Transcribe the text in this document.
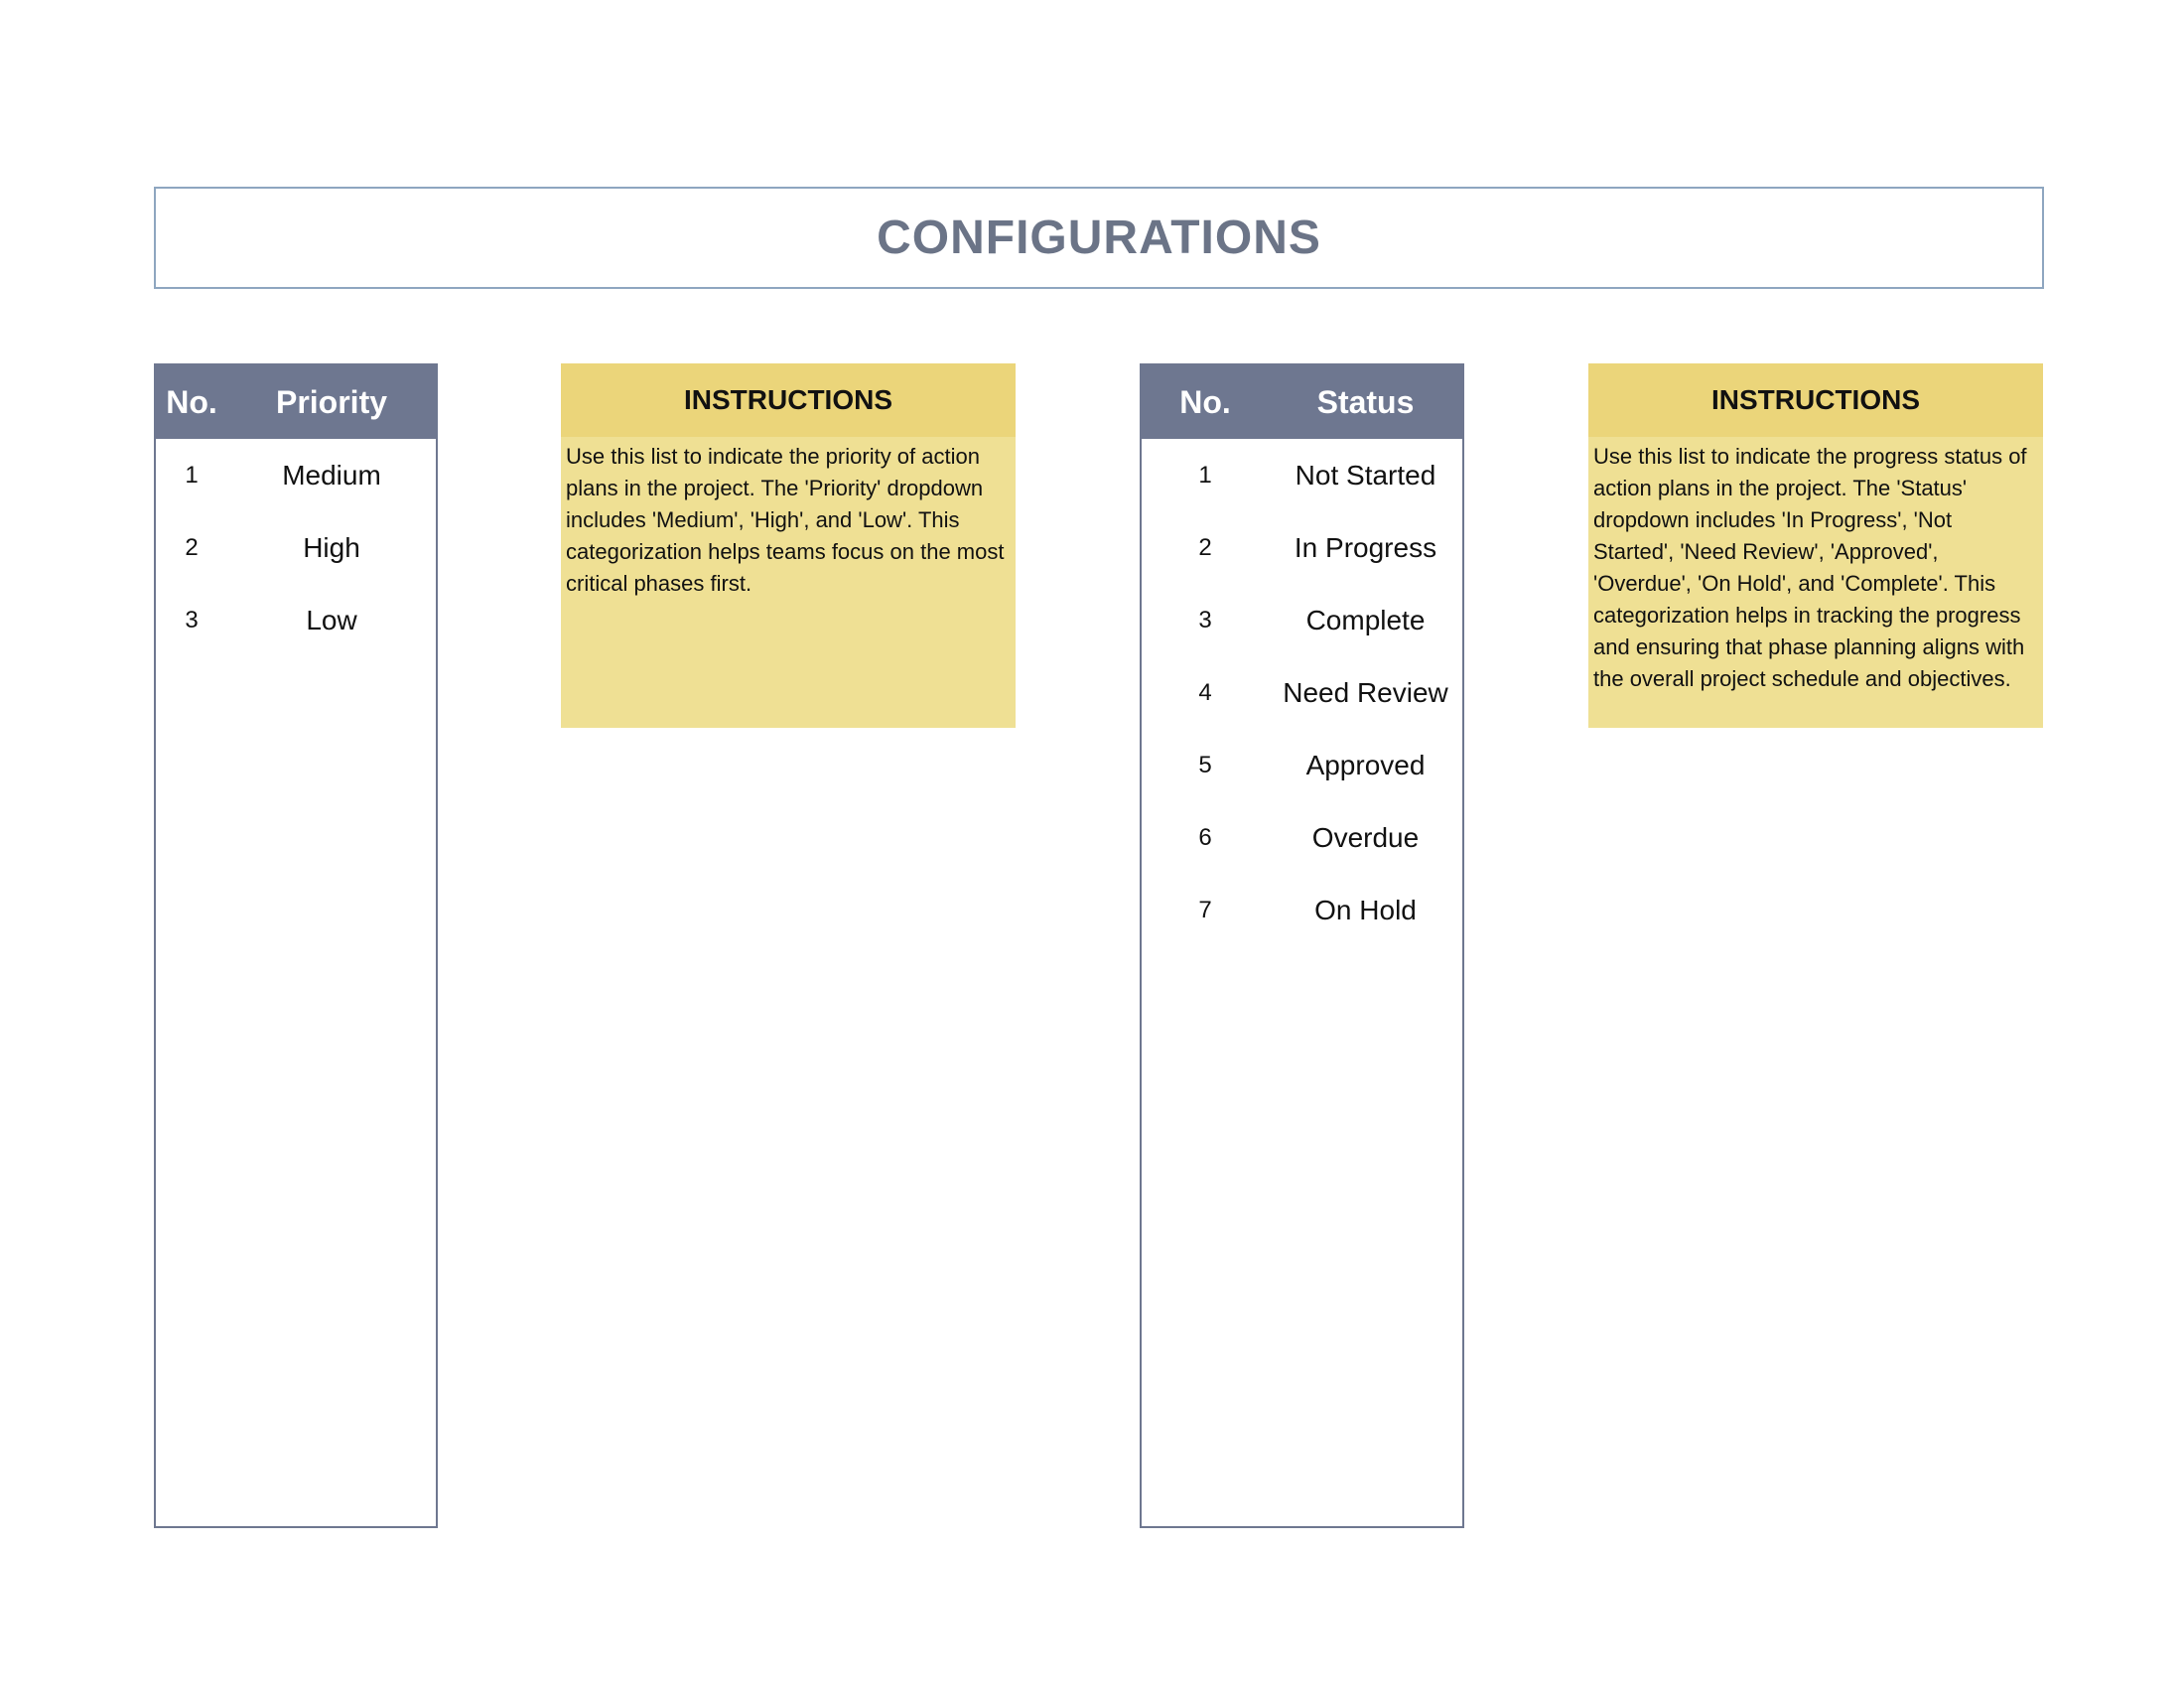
CONFIGURATIONS
No.	Priority
1	Medium
2	High
3	Low
INSTRUCTIONS
Use this list to indicate the priority of action plans in the project. The 'Priority' dropdown includes 'Medium', 'High', and 'Low'. This categorization helps teams focus on the most critical phases first.
No.	Status
1	Not Started
2	In Progress
3	Complete
4	Need Review
5	Approved
6	Overdue
7	On Hold
INSTRUCTIONS
Use this list to indicate the progress status of action plans in the project. The 'Status' dropdown includes 'In Progress', 'Not Started', 'Need Review', 'Approved', 'Overdue', 'On Hold', and 'Complete'. This categorization helps in tracking the progress and ensuring that phase planning aligns with the overall project schedule and objectives.
